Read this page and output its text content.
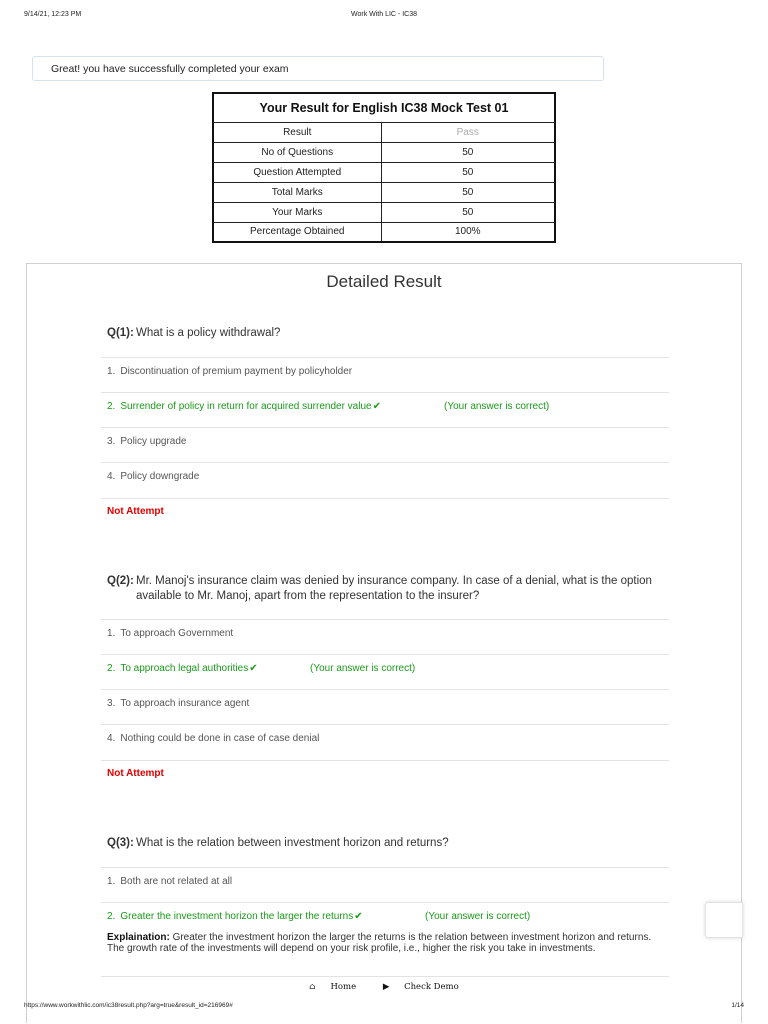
9/14/21, 12:23 PM	Work With LIC - IC38
Great! you have successfully completed your exam
Your Result for English IC38 Mock Test 01	
Result	Pass
No of Questions	50
Question Attempted	50
Total Marks	50
Your Marks	50
Percentage Obtained	100%
Detailed Result
Q(1): What is a policy withdrawal?
1. Discontinuation of premium payment by policyholder
2. Surrender of policy in return for acquired surrender value✔	(Your answer is correct)
3. Policy upgrade
4. Policy downgrade
Not Attempt
Q(2): Mr. Manoj's insurance claim was denied by insurance company. In case of a denial, what is the option available to Mr. Manoj, apart from the representation to the insurer?
1. To approach Government
2. To approach legal authorities✔	(Your answer is correct)
3. To approach insurance agent
4. Nothing could be done in case of case denial
Not Attempt
Q(3): What is the relation between investment horizon and returns?
1. Both are not related at all
2. Greater the investment horizon the larger the returns✔	(Your answer is correct)
Explaination: Greater the investment horizon the larger the returns is the relation between investment horizon and returns. The growth rate of the investments will depend on your risk profile, i.e., higher the risk you take in investments.
⌂ Home	▶ Check Demo
https://www.workwithlic.com/ic38result.php?arg=true&result_id=216969#	1/14
